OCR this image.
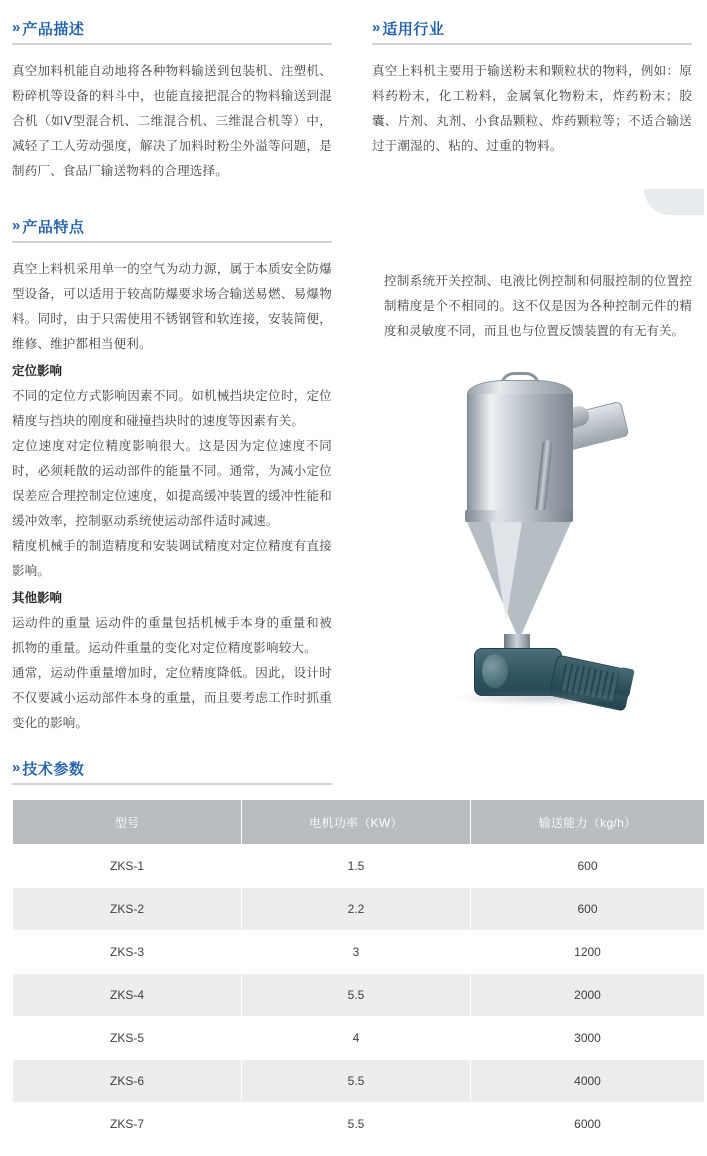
» 产品描述

真空加料机能自动地将各种物料输送到包装机、注塑机、粉碎机等设备的料斗中，也能直接把混合的物料输送到混合机（如V型混合机、二维混合机、三维混合机等）中，减轻了工人劳动强度，解决了加料时粉尘外溢等问题，是制药厂、食品厂输送物料的合理选择。

» 适用行业

真空上料机主要用于输送粉末和颗粒状的物料，例如：原料药粉末，化工粉料，金属氧化物粉末，炸药粉末；胶囊、片剂、丸剂、小食品颗粒、炸药颗粒等；不适合输送过于潮湿的、粘的、过重的物料。

» 产品特点

真空上料机采用单一的空气为动力源，属于本质安全防爆型设备，可以适用于较高防爆要求场合输送易燃、易爆物料。同时，由于只需使用不锈钢管和软连接，安装简便，维修、维护都相当便利。

定位影响

不同的定位方式影响因素不同。如机械挡块定位时，定位精度与挡块的刚度和碰撞挡块时的速度等因素有关。

定位速度对定位精度影响很大。这是因为定位速度不同时，必须耗散的运动部件的能量不同。通常，为减小定位误差应合理控制定位速度，如提高缓冲装置的缓冲性能和缓冲效率，控制驱动系统使运动部件适时减速。

精度机械手的制造精度和安装调试精度对定位精度有直接影响。

其他影响

运动件的重量 运动件的重量包括机械手本身的重量和被抓物的重量。运动件重量的变化对定位精度影响较大。

通常，运动件重量增加时，定位精度降低。因此，设计时不仅要减小运动部件本身的重量，而且要考虑工作时抓重变化的影响。

控制系统开关控制、电液比例控制和伺服控制的位置控制精度是个不相同的。这不仅是因为各种控制元件的精度和灵敏度不同，而且也与位置反馈装置的有无有关。

» 技术参数
型号	电机功率（KW）	输送能力（kg/h）
ZKS-1	1.5	600
ZKS-2	2.2	600
ZKS-3	3	1200
ZKS-4	5.5	2000
ZKS-5	4	3000
ZKS-6	5.5	4000
ZKS-7	5.5	6000
